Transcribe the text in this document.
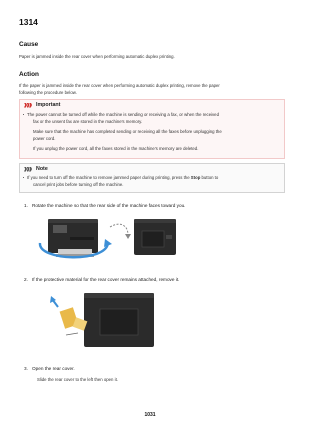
1314
Cause
Paper is jammed inside the rear cover when performing automatic duplex printing.
Action
If the paper is jammed inside the rear cover when performing automatic duplex printing, remove the paper
following the procedure below.
Important
The power cannot be turned off while the machine is sending or receiving a fax, or when the received
fax or the unsent fax are stored in the machine's memory.
Make sure that the machine has completed sending or receiving all the faxes before unplugging the
power cord.
If you unplug the power cord, all the faxes stored in the machine's memory are deleted.
Note
If you need to turn off the machine to remove jammed paper during printing, press the Stop button to
cancel print jobs before turning off the machine.
1. Rotate the machine so that the rear side of the machine faces toward you.
2. If the protective material for the rear cover remains attached, remove it.
3. Open the rear cover.
Slide the rear cover to the left then open it.
1031
